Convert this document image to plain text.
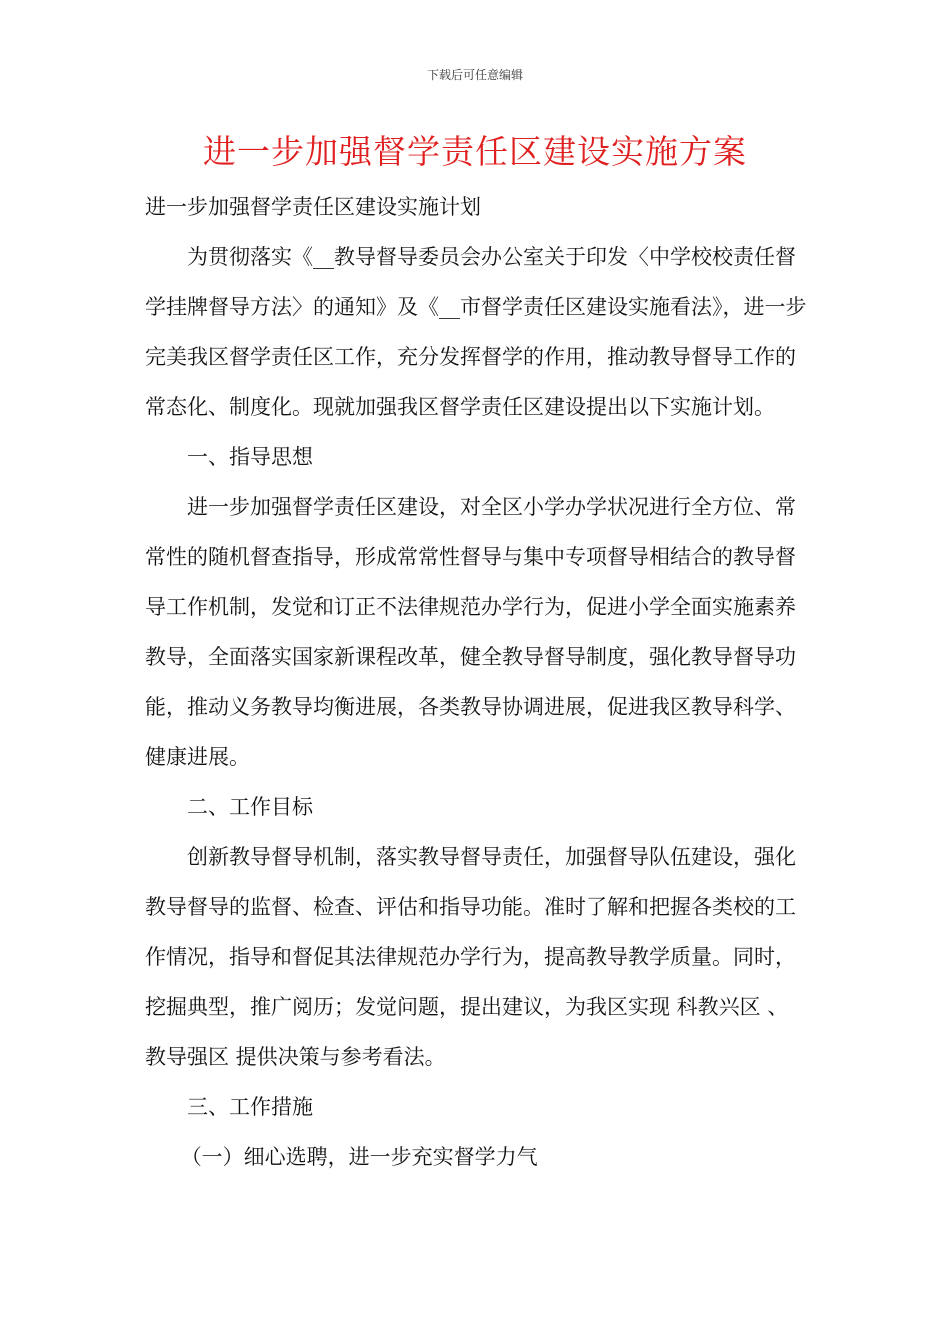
下载后可任意编辑
进一步加强督学责任区建设实施方案

进一步加强督学责任区建设实施计划

为贯彻落实《__教导督导委员会办公室关于印发〈中学校校责任督学挂牌督导方法〉的通知》及《__市督学责任区建设实施看法》，进一步完美我区督学责任区工作，充分发挥督学的作用，推动教导督导工作的常态化、制度化。现就加强我区督学责任区建设提出以下实施计划。

一、指导思想

进一步加强督学责任区建设，对全区小学办学状况进行全方位、常常性的随机督查指导，形成常常性督导与集中专项督导相结合的教导督导工作机制，发觉和订正不法律规范办学行为，促进小学全面实施素养教导，全面落实国家新课程改革，健全教导督导制度，强化教导督导功能，推动义务教导均衡进展，各类教导协调进展，促进我区教导科学、健康进展。

二、工作目标

创新教导督导机制，落实教导督导责任，加强督导队伍建设，强化教导督导的监督、检查、评估和指导功能。准时了解和把握各类校的工作情况，指导和督促其法律规范办学行为，提高教导教学质量。同时，挖掘典型，推广阅历；发觉问题，提出建议，为我区实现 科教兴区 、 教导强区 提供决策与参考看法。

三、工作措施

（一）细心选聘，进一步充实督学力气
